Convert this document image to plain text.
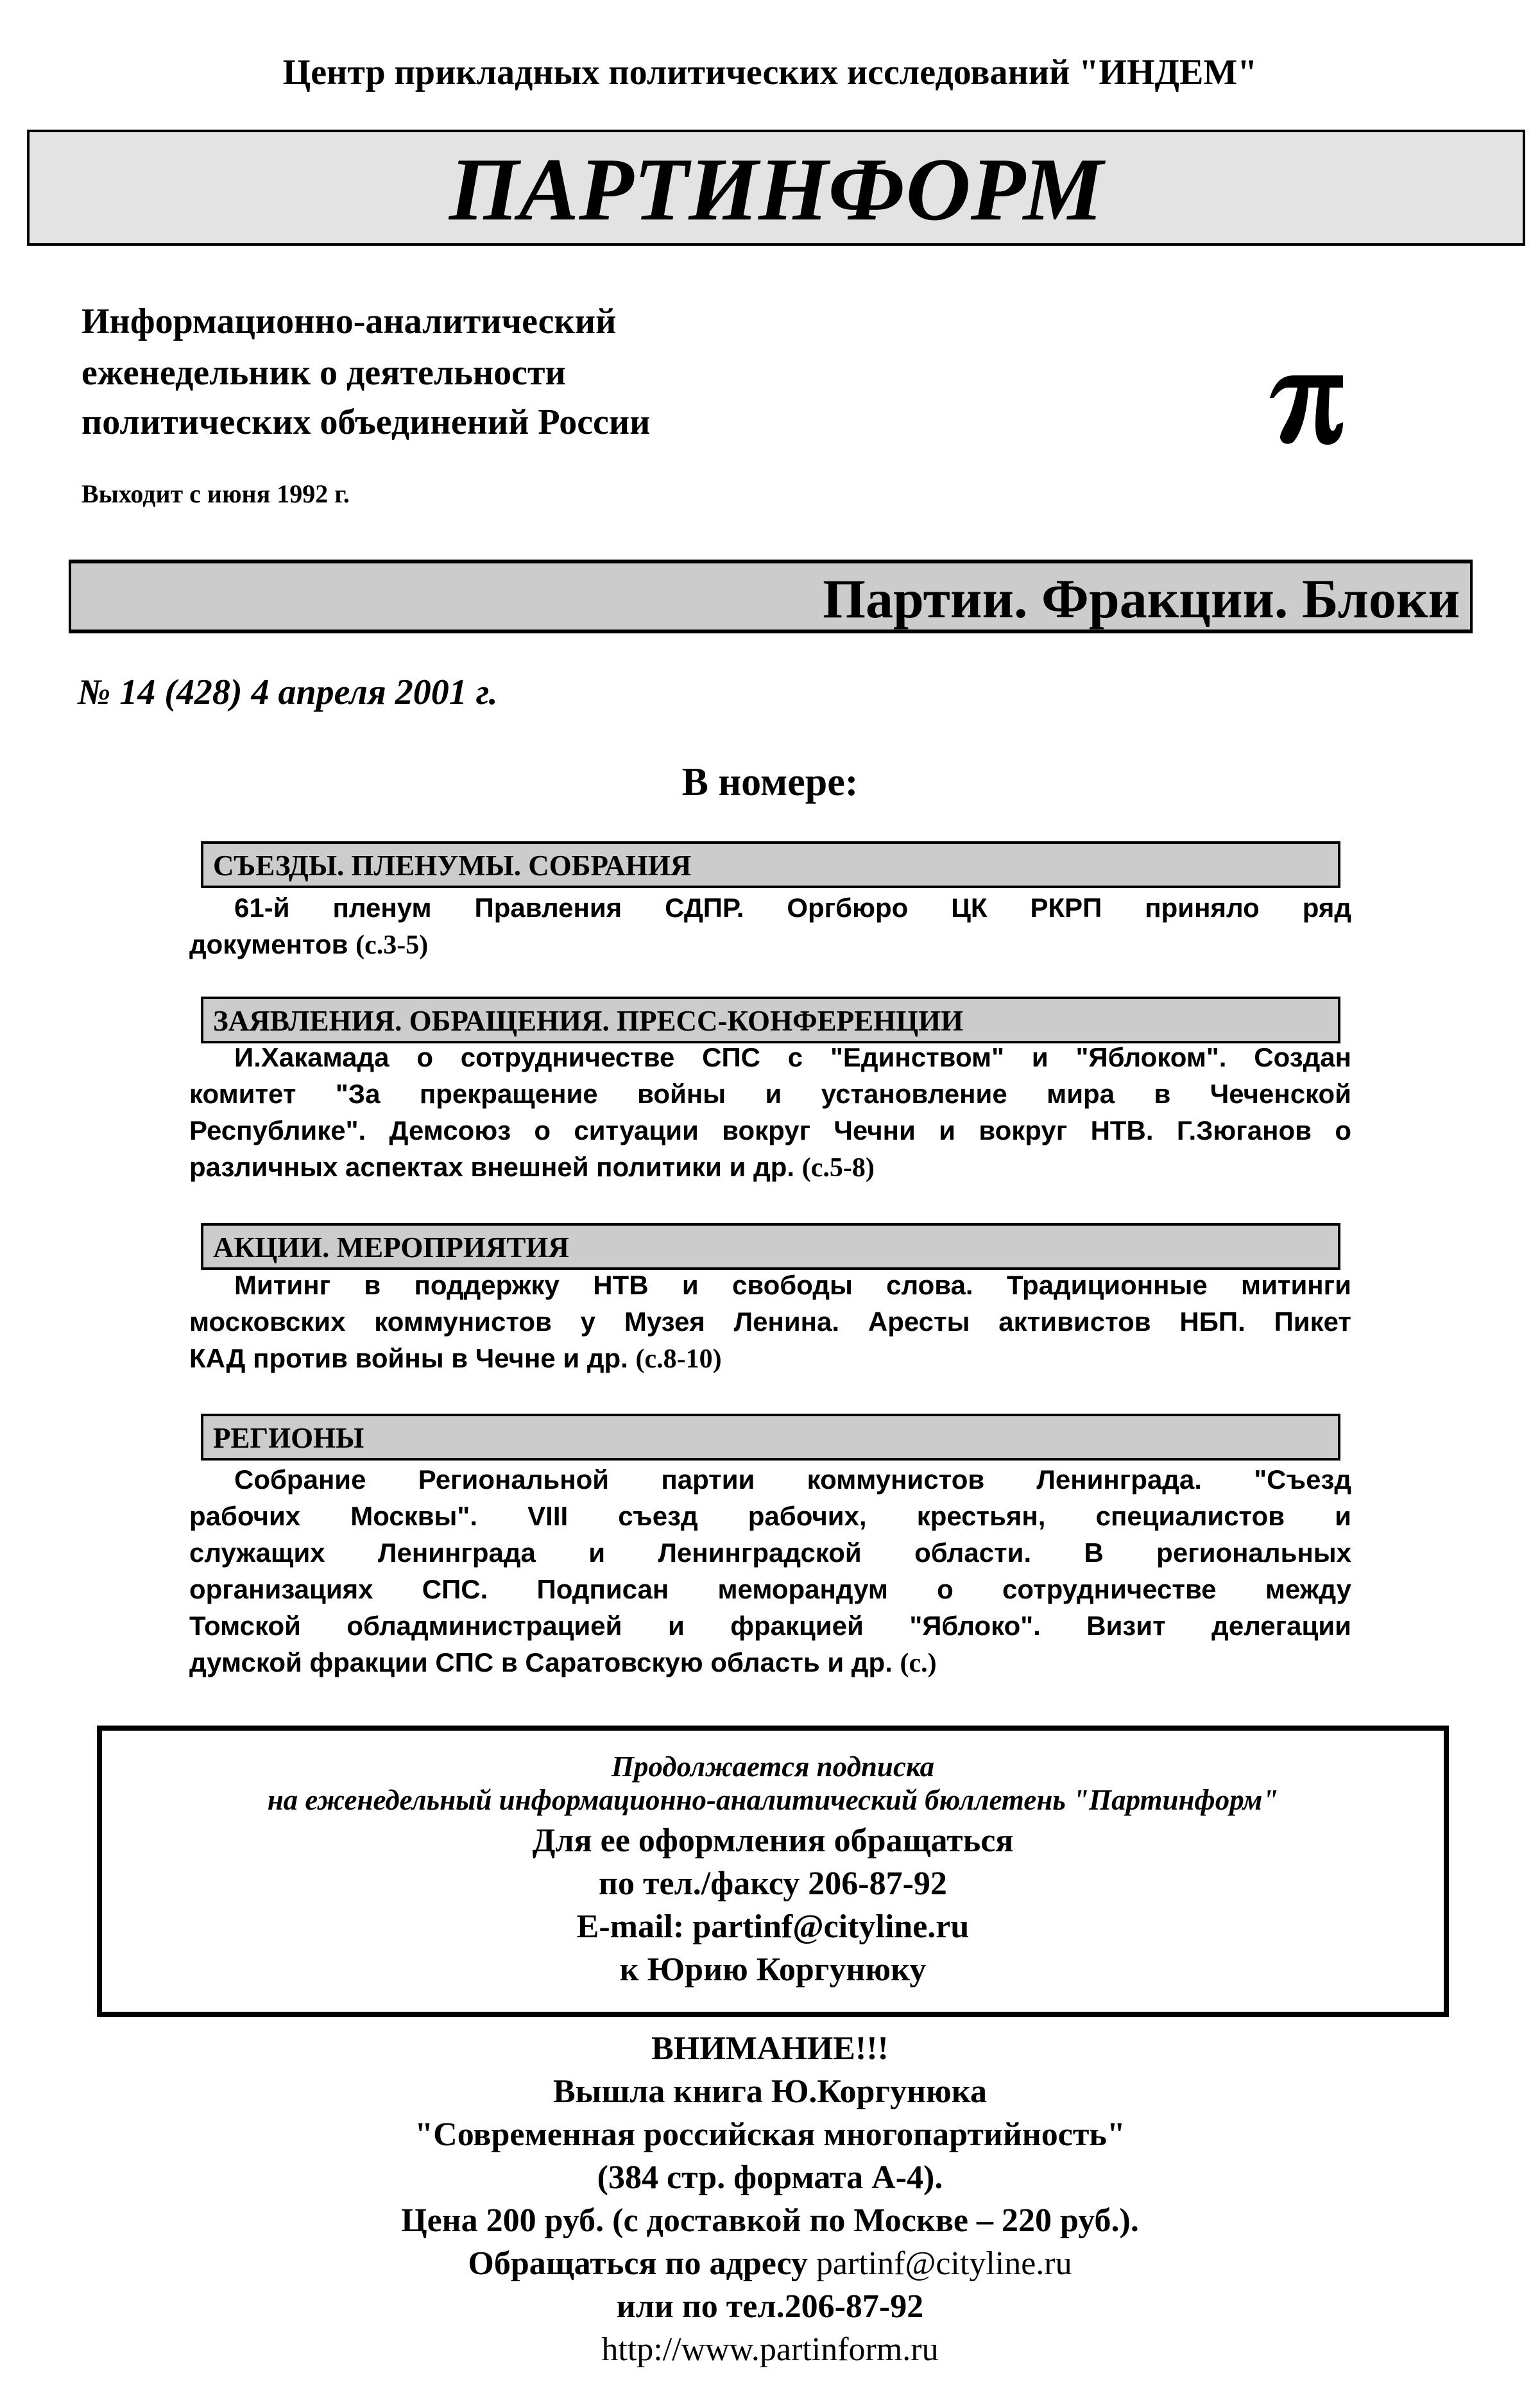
Центр прикладных политических исследований "ИНДЕМ"
ПАРТИНФОРМ
Информационно-аналитический
еженедельник о деятельности
политических объединений России
Выходит с июня 1992 г.
Партии. Фракции. Блоки
№ 14 (428) 4 апреля 2001 г.
В номере:
СЪЕЗДЫ. ПЛЕНУМЫ. СОБРАНИЯ
61-й пленум Правления СДПР. Оргбюро ЦК РКРП приняло ряд
документов (с.3-5)
ЗАЯВЛЕНИЯ. ОБРАЩЕНИЯ. ПРЕСС-КОНФЕРЕНЦИИ
И.Хакамада о сотрудничестве СПС с "Единством" и "Яблоком". Создан
комитет "За прекращение войны и установление мира в Чеченской
Республике". Демсоюз о ситуации вокруг Чечни и вокруг НТВ. Г.Зюганов о
различных аспектах внешней политики и др. (с.5-8)
АКЦИИ. МЕРОПРИЯТИЯ
Митинг в поддержку НТВ и свободы слова. Традиционные митинги
московских коммунистов у Музея Ленина. Аресты активистов НБП. Пикет
КАД против войны в Чечне и др. (с.8-10)
РЕГИОНЫ
Собрание Региональной партии коммунистов Ленинграда. "Съезд
рабочих Москвы". VIII съезд рабочих, крестьян, специалистов и
служащих Ленинграда и Ленинградской области. В региональных
организациях СПС. Подписан меморандум о сотрудничестве между
Томской обладминистрацией и фракцией "Яблоко". Визит делегации
думской фракции СПС в Саратовскую область и др. (с.)
Продолжается подписка
на еженедельный информационно-аналитический бюллетень "Партинформ"
Для ее оформления обращаться
по тел./факсу 206-87-92
E-mail: partinf@cityline.ru
к Юрию Коргунюку
ВНИМАНИЕ!!!
Вышла книга Ю.Коргунюка
"Современная российская многопартийность"
(384 стр. формата А-4).
Цена 200 руб. (с доставкой по Москве – 220 руб.).
Обращаться по адресу partinf@cityline.ru
или по тел.206-87-92
http://www.partinform.ru
